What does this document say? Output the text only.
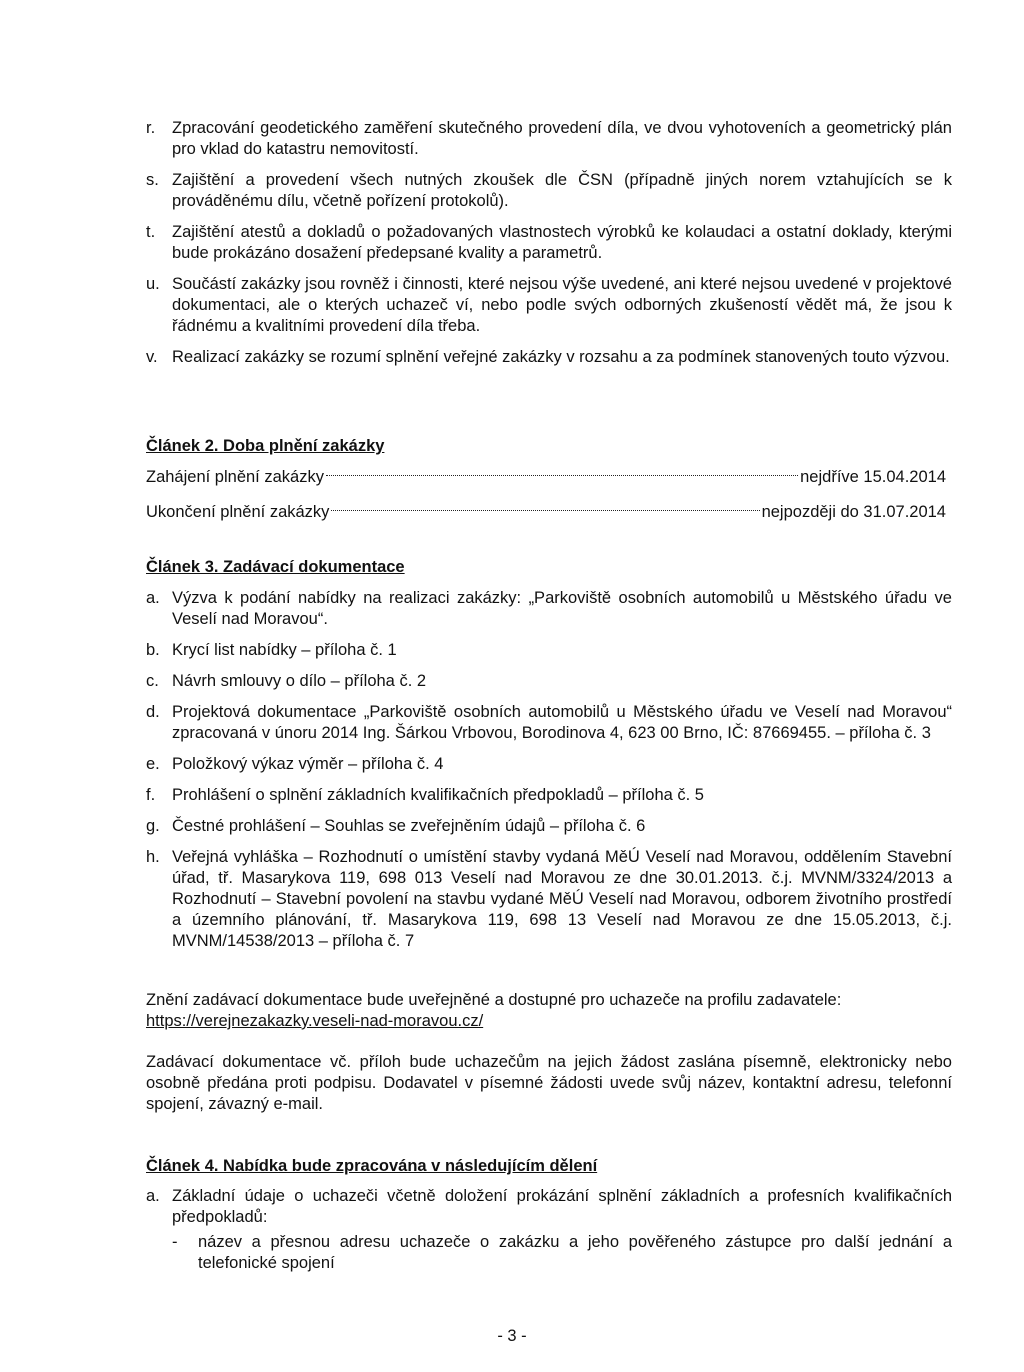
r. Zpracování geodetického zaměření skutečného provedení díla, ve dvou vyhotoveních a geometrický plán pro vklad do katastru nemovitostí.
s. Zajištění a provedení všech nutných zkoušek dle ČSN (případně jiných norem vztahujících se k prováděnému dílu, včetně pořízení protokolů).
t. Zajištění atestů a dokladů o požadovaných vlastnostech výrobků ke kolaudaci a ostatní doklady, kterými bude prokázáno dosažení předepsané kvality a parametrů.
u. Součástí zakázky jsou rovněž i činnosti, které nejsou výše uvedené, ani které nejsou uvedené v projektové dokumentaci, ale o kterých uchazeč ví, nebo podle svých odborných zkušeností vědět má, že jsou k řádnému a kvalitními provedení díla třeba.
v. Realizací zakázky se rozumí splnění veřejné zakázky v rozsahu a za podmínek stanovených touto výzvou.
Článek 2. Doba plnění zakázky
Zahájení plnění zakázky	nejdříve 15.04.2014
Ukončení plnění zakázky	nejpozději do 31.07.2014
Článek 3. Zadávací dokumentace
a. Výzva k podání nabídky na realizaci zakázky: „Parkoviště osobních automobilů u Městského úřadu ve Veselí nad Moravou“.
b. Krycí list nabídky – příloha č. 1
c. Návrh smlouvy o dílo – příloha č. 2
d. Projektová dokumentace „Parkoviště osobních automobilů u Městského úřadu ve Veselí nad Moravou“ zpracovaná v únoru 2014 Ing. Šárkou Vrbovou, Borodinova 4, 623 00 Brno, IČ: 87669455. – příloha č. 3
e. Položkový výkaz výměr – příloha č. 4
f. Prohlášení o splnění základních kvalifikačních předpokladů – příloha č. 5
g. Čestné prohlášení – Souhlas se zveřejněním údajů – příloha č. 6
h. Veřejná vyhláška – Rozhodnutí o umístění stavby vydaná MěÚ Veselí nad Moravou, oddělením Stavební úřad, tř. Masarykova 119, 698 013 Veselí nad Moravou ze dne 30.01.2013. č.j. MVNM/3324/2013 a Rozhodnutí – Stavební povolení na stavbu vydané MěÚ Veselí nad Moravou, odborem životního prostředí a územního plánování, tř. Masarykova 119, 698 13 Veselí nad Moravou ze dne 15.05.2013, č.j. MVNM/14538/2013 – příloha č. 7
Znění zadávací dokumentace bude uveřejněné a dostupné pro uchazeče na profilu zadavatele:
https://verejnezakazky.veseli-nad-moravou.cz/
Zadávací dokumentace vč. příloh bude uchazečům na jejich žádost zaslána písemně, elektronicky nebo osobně předána proti podpisu. Dodavatel v písemné žádosti uvede svůj název, kontaktní adresu, telefonní spojení, závazný e-mail.
Článek 4. Nabídka bude zpracována v následujícím dělení
a. Základní údaje o uchazeči včetně doložení prokázání splnění základních a profesních kvalifikačních předpokladů:
- název a přesnou adresu uchazeče o zakázku a jeho pověřeného zástupce pro další jednání a telefonické spojení
- 3 -
